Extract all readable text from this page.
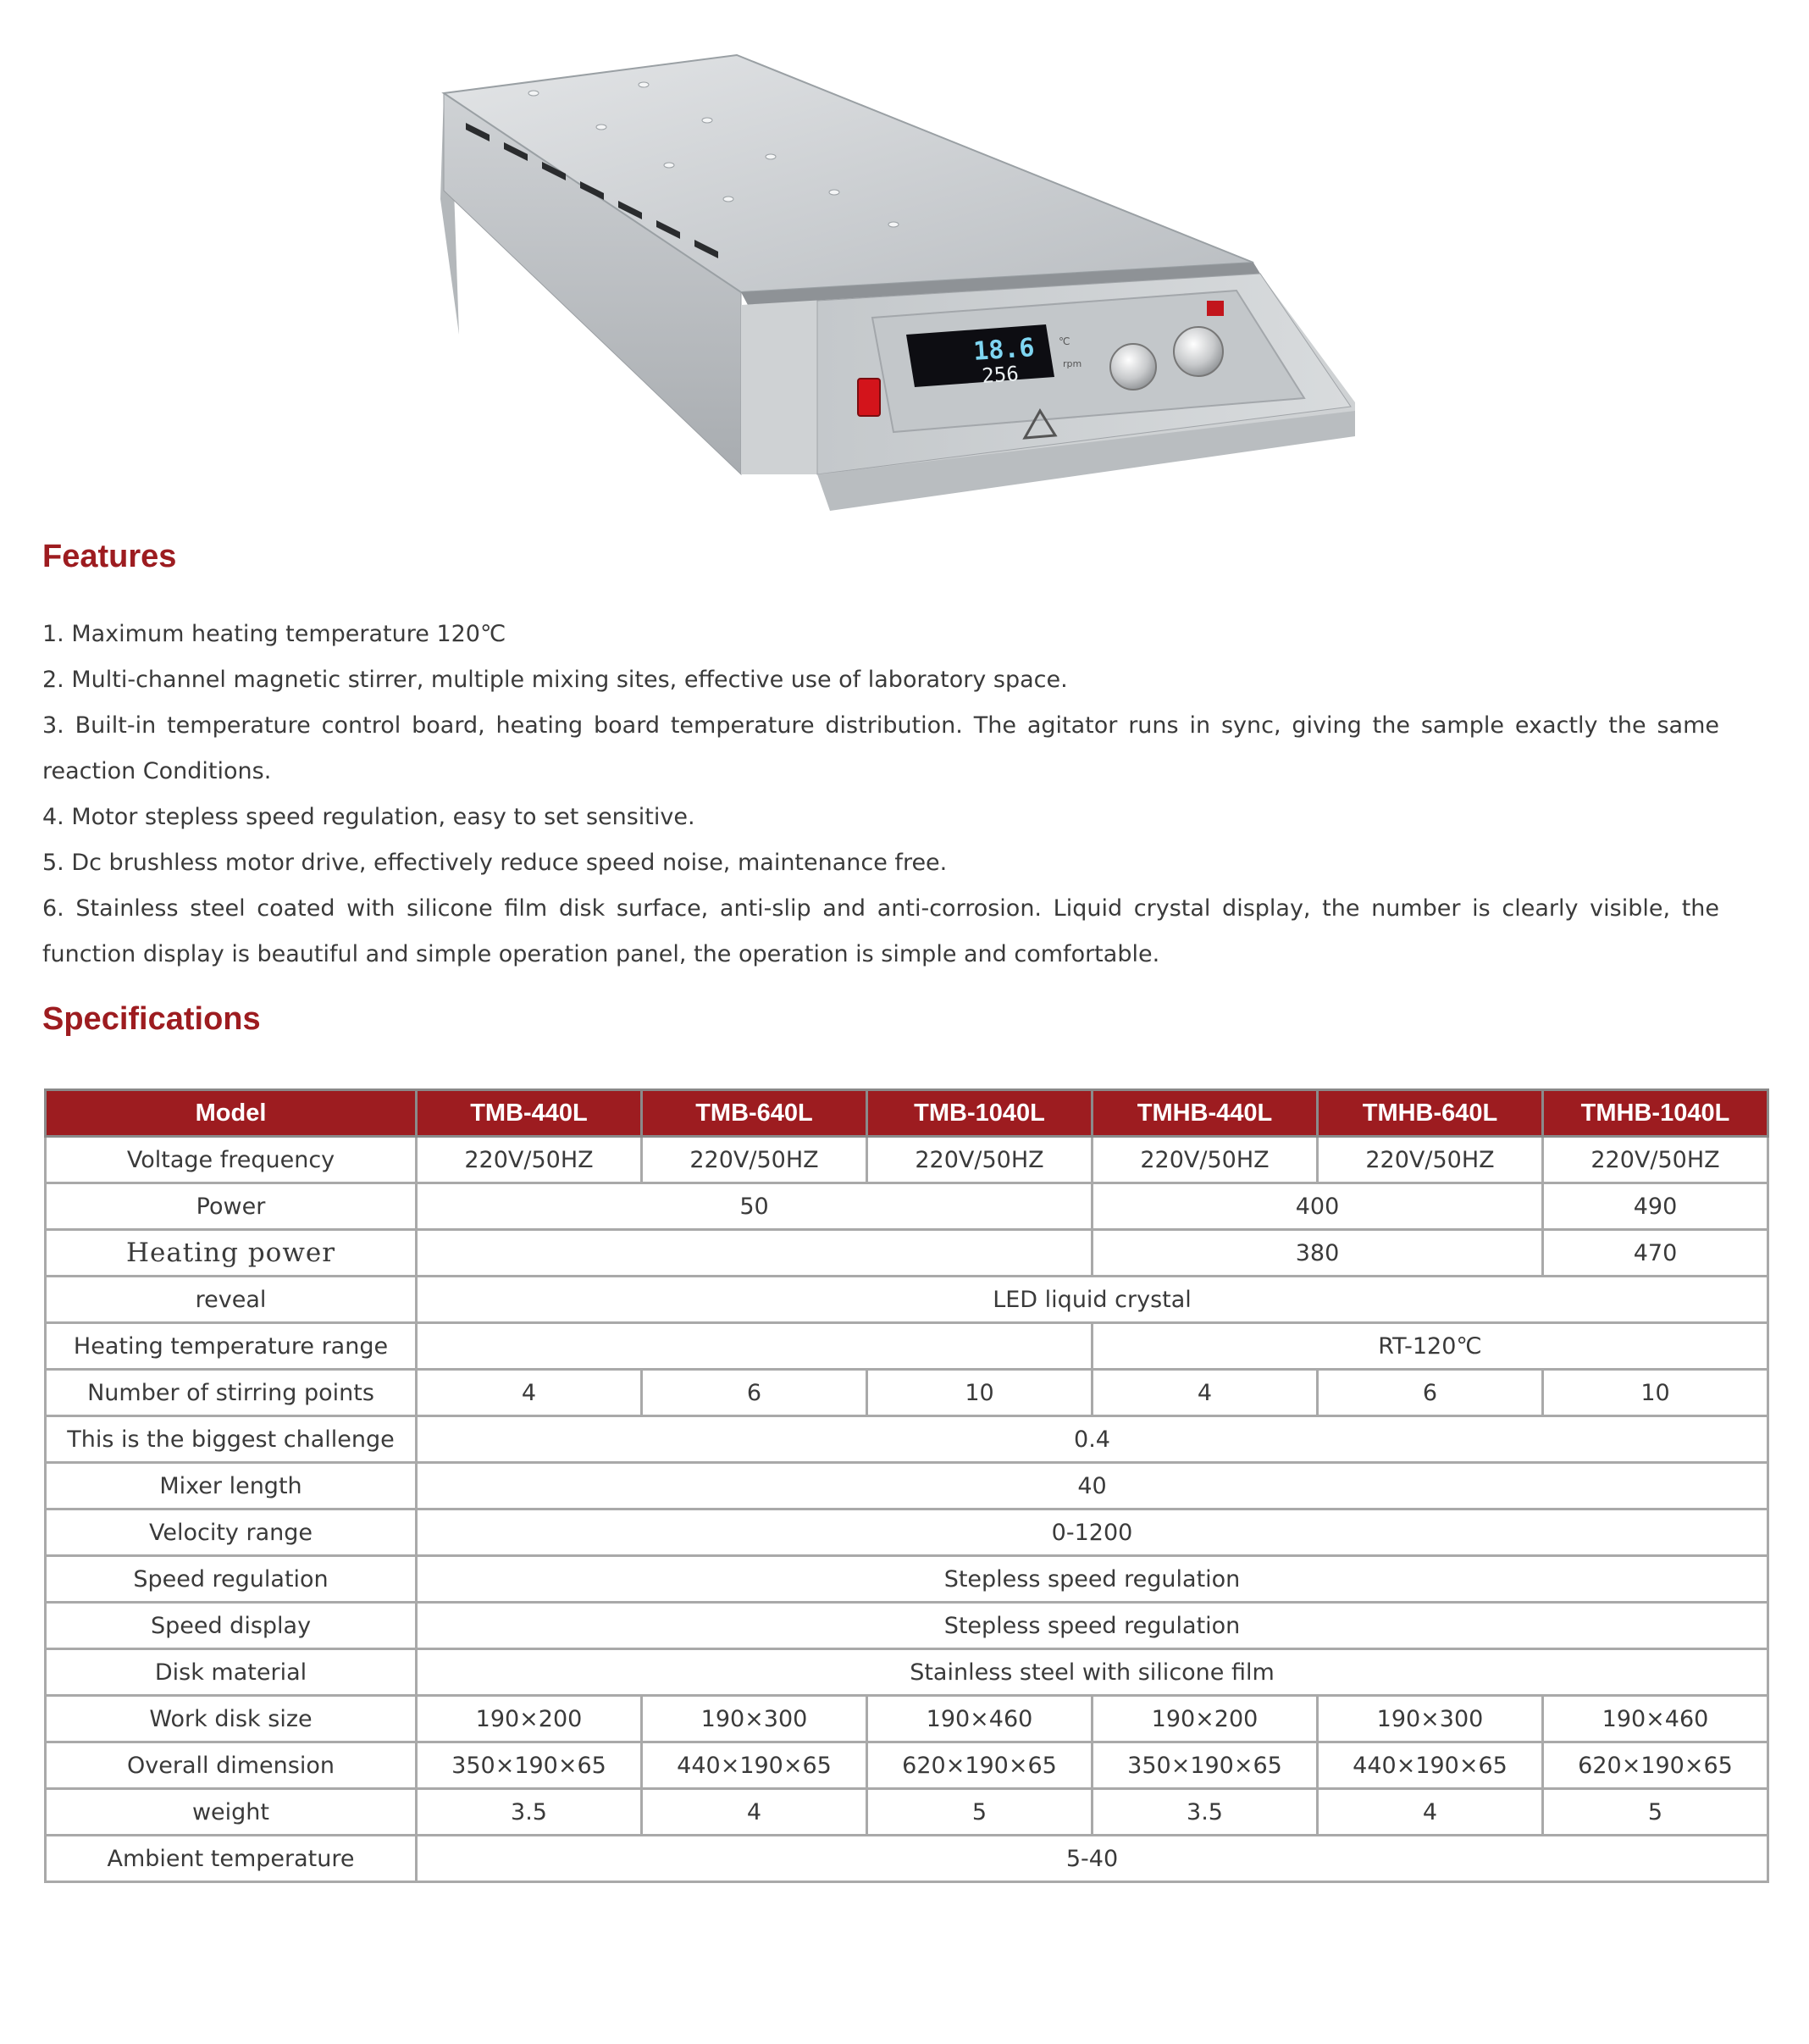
18.6
256
℃
rpm
Features
1. Maximum heating temperature 120℃
2. Multi-channel magnetic stirrer, multiple mixing sites, effective use of laboratory space.
3. Built-in temperature control board, heating board temperature distribution. The agitator runs in sync, giving the sample exactly the same reaction Conditions.
4. Motor stepless speed regulation, easy to set sensitive.
5. Dc brushless motor drive, effectively reduce speed noise, maintenance free.
6. Stainless steel coated with silicone film disk surface, anti-slip and anti-corrosion. Liquid crystal display, the number is clearly visible, the function display is beautiful and simple operation panel, the operation is simple and comfortable.
Specifications
Model	TMB-440L	TMB-640L	TMB-1040L	TMHB-440L	TMHB-640L	TMHB-1040L
Voltage frequency	220V/50HZ	220V/50HZ	220V/50HZ	220V/50HZ	220V/50HZ	220V/50HZ
Power	50			400		490
Heating power				380		470
reveal	LED liquid crystal					
Heating temperature range				RT-120℃		
Number of stirring points	4	6	10	4	6	10
This is the biggest challenge	0.4					
Mixer length	40					
Velocity range	0-1200					
Speed regulation	Stepless speed regulation					
Speed display	Stepless speed regulation					
Disk material	Stainless steel with silicone film					
Work disk size	190×200	190×300	190×460	190×200	190×300	190×460
Overall dimension	350×190×65	440×190×65	620×190×65	350×190×65	440×190×65	620×190×65
weight	3.5	4	5	3.5	4	5
Ambient temperature	5-40					
